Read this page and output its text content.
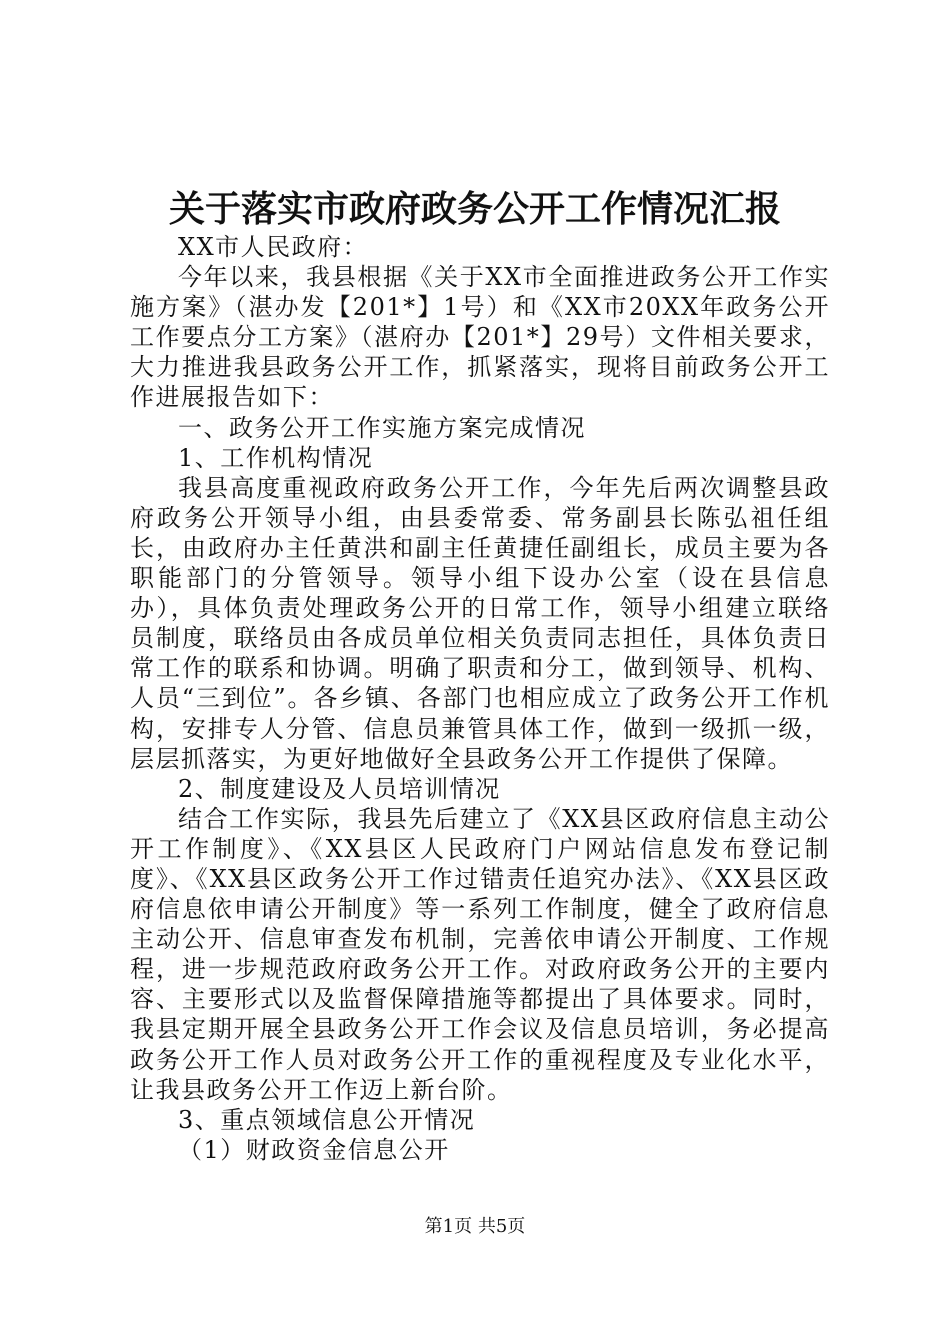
关于落实市政府政务公开工作情况汇报

XX市人民政府：

今年以来，我县根据《关于XX市全面推进政务公开工作实施方案》（湛办发【201*】1号）和《XX市20XX年政务公开工作要点分工方案》（湛府办【201*】29号）文件相关要求，大力推进我县政务公开工作，抓紧落实，现将目前政务公开工作进展报告如下：

一、政务公开工作实施方案完成情况

1、工作机构情况

我县高度重视政府政务公开工作，今年先后两次调整县政府政务公开领导小组，由县委常委、常务副县长陈弘祖任组长，由政府办主任黄洪和副主任黄捷任副组长，成员主要为各职能部门的分管领导。领导小组下设办公室（设在县信息办），具体负责处理政务公开的日常工作，领导小组建立联络员制度，联络员由各成员单位相关负责同志担任，具体负责日常工作的联系和协调。明确了职责和分工，做到领导、机构、人员“三到位”。各乡镇、各部门也相应成立了政务公开工作机构，安排专人分管、信息员兼管具体工作，做到一级抓一级，层层抓落实，为更好地做好全县政务公开工作提供了保障。

2、制度建设及人员培训情况

结合工作实际，我县先后建立了《XX县区政府信息主动公开工作制度》、《XX县区人民政府门户网站信息发布登记制度》、《XX县区政务公开工作过错责任追究办法》、《XX县区政府信息依申请公开制度》等一系列工作制度，健全了政府信息主动公开、信息审查发布机制，完善依申请公开制度、工作规程，进一步规范政府政务公开工作。对政府政务公开的主要内容、主要形式以及监督保障措施等都提出了具体要求。同时，我县定期开展全县政务公开工作会议及信息员培训，务必提高政务公开工作人员对政务公开工作的重视程度及专业化水平，让我县政务公开工作迈上新台阶。

3、重点领域信息公开情况

（1）财政资金信息公开

第1页 共5页
